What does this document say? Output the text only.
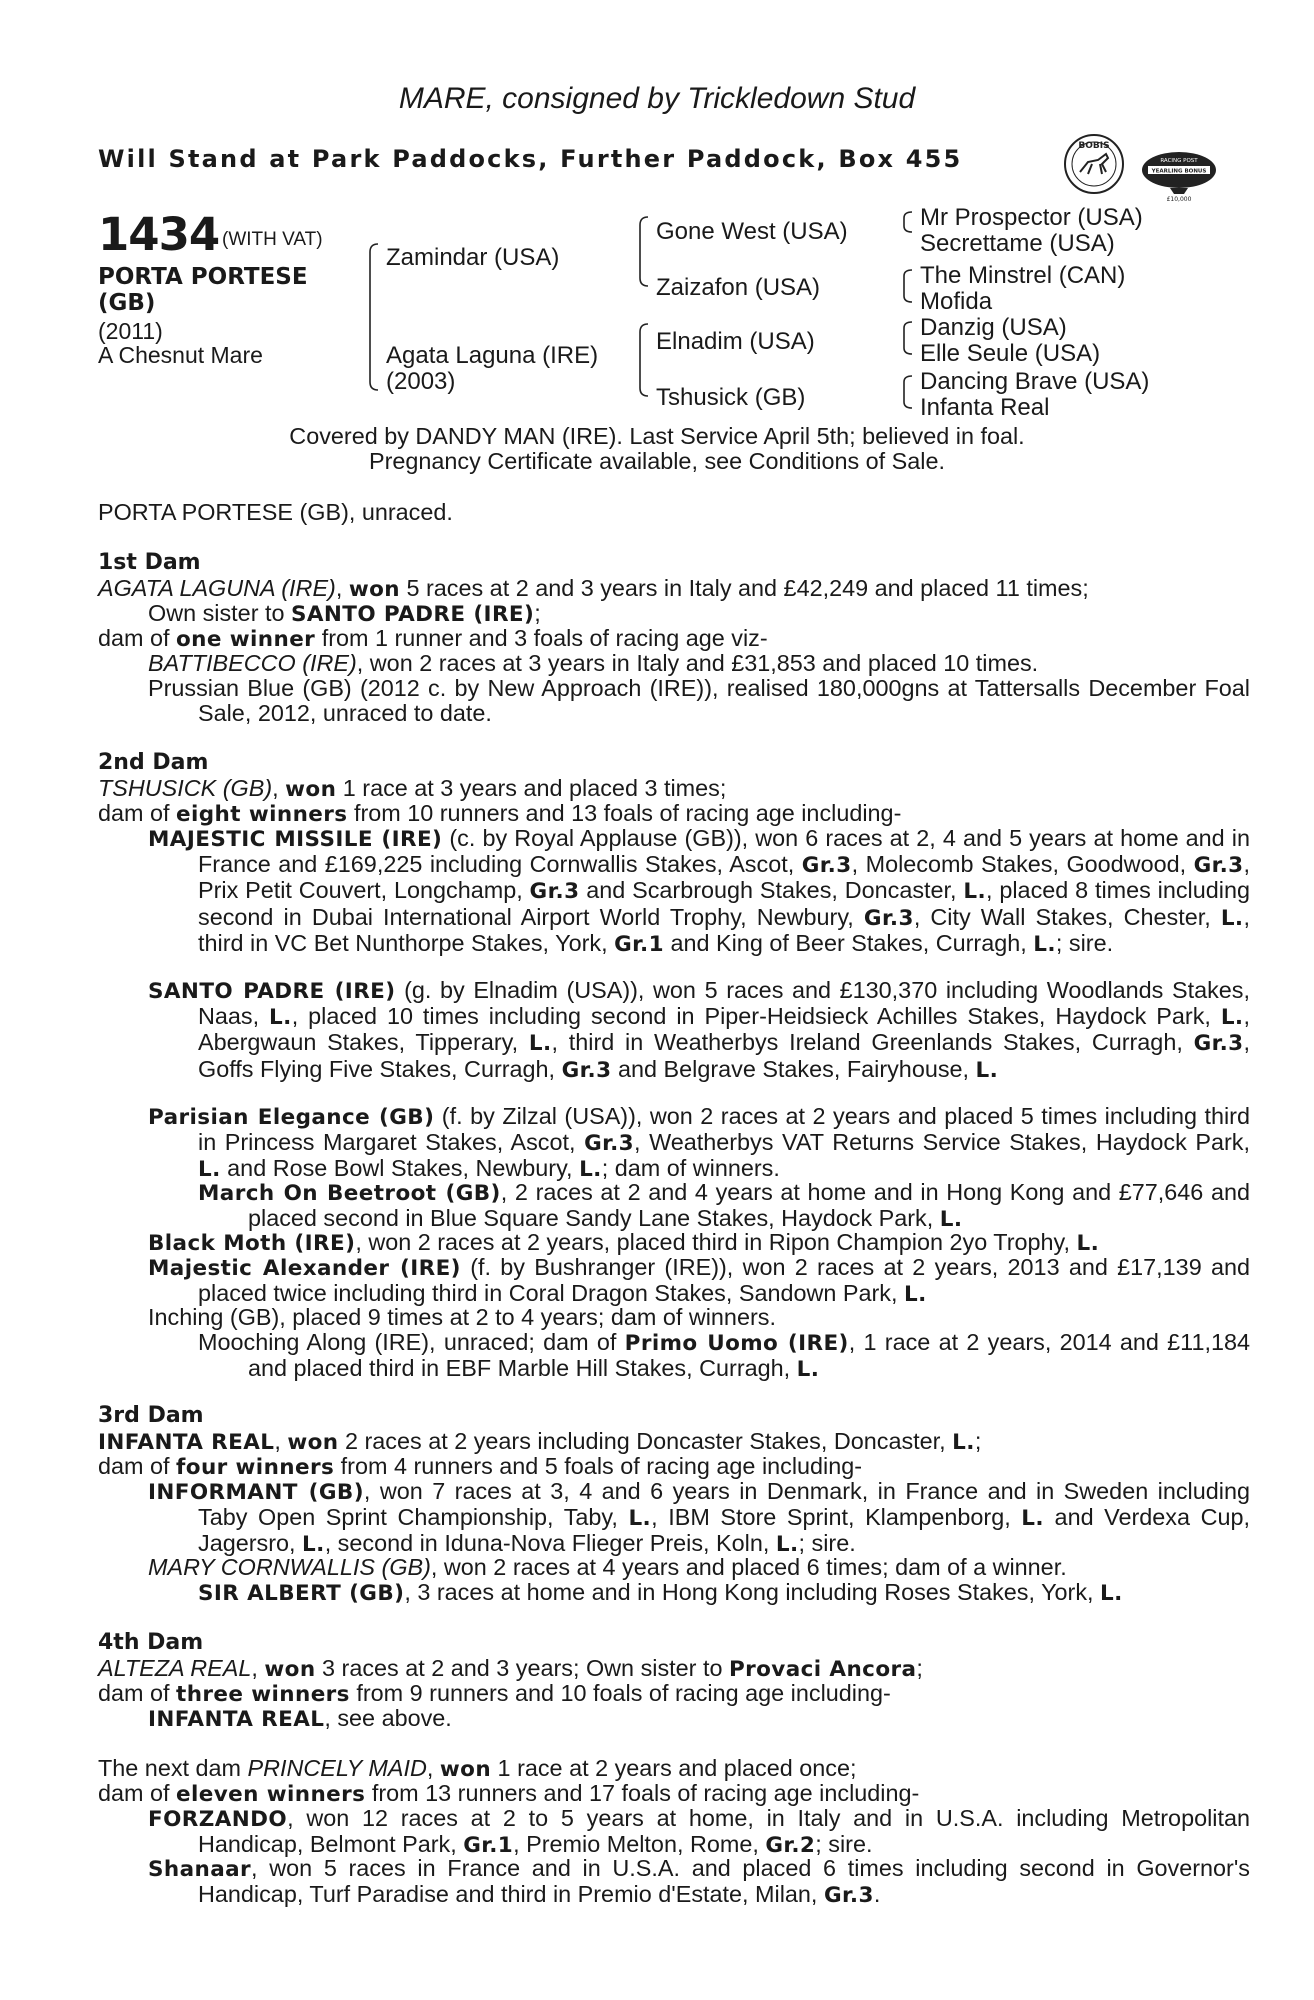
MARE, consigned by Trickledown Stud
Will Stand at Park Paddocks, Further Paddock, Box 455	BOBIS
RACING POST
YEARLING BONUS
£10,000
1434 (WITH VAT)
PORTA PORTESE
(GB)
(2011)
A Chesnut Mare
Zamindar (USA)
Agata Laguna (IRE)
(2003)
Gone West (USA)
Zaizafon (USA)
Elnadim (USA)
Tshusick (GB)
Mr Prospector (USA)
Secrettame (USA)
The Minstrel (CAN)
Mofida
Danzig (USA)
Elle Seule (USA)
Dancing Brave (USA)
Infanta Real
Covered by DANDY MAN (IRE). Last Service April 5th; believed in foal.
Pregnancy Certificate available, see Conditions of Sale.
PORTA PORTESE (GB), unraced.
1st Dam
AGATA LAGUNA (IRE), won 5 races at 2 and 3 years in Italy and £42,249 and placed 11 times;
Own sister to SANTO PADRE (IRE);
dam of one winner from 1 runner and 3 foals of racing age viz-
BATTIBECCO (IRE), won 2 races at 3 years in Italy and £31,853 and placed 10 times.
Prussian Blue (GB) (2012 c. by New Approach (IRE)), realised 180,000gns at Tattersalls December Foal Sale, 2012, unraced to date.
2nd Dam
TSHUSICK (GB), won 1 race at 3 years and placed 3 times;
dam of eight winners from 10 runners and 13 foals of racing age including-
MAJESTIC MISSILE (IRE) (c. by Royal Applause (GB)), won 6 races at 2, 4 and 5 years at home and in France and £169,225 including Cornwallis Stakes, Ascot, Gr.3, Molecomb Stakes, Goodwood, Gr.3, Prix Petit Couvert, Longchamp, Gr.3 and Scarbrough Stakes, Doncaster, L., placed 8 times including second in Dubai International Airport World Trophy, Newbury, Gr.3, City Wall Stakes, Chester, L., third in VC Bet Nunthorpe Stakes, York, Gr.1 and King of Beer Stakes, Curragh, L.; sire.
SANTO PADRE (IRE) (g. by Elnadim (USA)), won 5 races and £130,370 including Woodlands Stakes, Naas, L., placed 10 times including second in Piper-Heidsieck Achilles Stakes, Haydock Park, L., Abergwaun Stakes, Tipperary, L., third in Weatherbys Ireland Greenlands Stakes, Curragh, Gr.3, Goffs Flying Five Stakes, Curragh, Gr.3 and Belgrave Stakes, Fairyhouse, L.
Parisian Elegance (GB) (f. by Zilzal (USA)), won 2 races at 2 years and placed 5 times including third in Princess Margaret Stakes, Ascot, Gr.3, Weatherbys VAT Returns Service Stakes, Haydock Park, L. and Rose Bowl Stakes, Newbury, L.; dam of winners.
March On Beetroot (GB), 2 races at 2 and 4 years at home and in Hong Kong and £77,646 and placed second in Blue Square Sandy Lane Stakes, Haydock Park, L.
Black Moth (IRE), won 2 races at 2 years, placed third in Ripon Champion 2yo Trophy, L.
Majestic Alexander (IRE) (f. by Bushranger (IRE)), won 2 races at 2 years, 2013 and £17,139 and placed twice including third in Coral Dragon Stakes, Sandown Park, L.
Inching (GB), placed 9 times at 2 to 4 years; dam of winners.
Mooching Along (IRE), unraced; dam of Primo Uomo (IRE), 1 race at 2 years, 2014 and £11,184 and placed third in EBF Marble Hill Stakes, Curragh, L.
3rd Dam
INFANTA REAL, won 2 races at 2 years including Doncaster Stakes, Doncaster, L.;
dam of four winners from 4 runners and 5 foals of racing age including-
INFORMANT (GB), won 7 races at 3, 4 and 6 years in Denmark, in France and in Sweden including Taby Open Sprint Championship, Taby, L., IBM Store Sprint, Klampenborg, L. and Verdexa Cup, Jagersro, L., second in Iduna-Nova Flieger Preis, Koln, L.; sire.
MARY CORNWALLIS (GB), won 2 races at 4 years and placed 6 times; dam of a winner.
SIR ALBERT (GB), 3 races at home and in Hong Kong including Roses Stakes, York, L.
4th Dam
ALTEZA REAL, won 3 races at 2 and 3 years; Own sister to Provaci Ancora;
dam of three winners from 9 runners and 10 foals of racing age including-
INFANTA REAL, see above.
The next dam PRINCELY MAID, won 1 race at 2 years and placed once;
dam of eleven winners from 13 runners and 17 foals of racing age including-
FORZANDO, won 12 races at 2 to 5 years at home, in Italy and in U.S.A. including Metropolitan Handicap, Belmont Park, Gr.1, Premio Melton, Rome, Gr.2; sire.
Shanaar, won 5 races in France and in U.S.A. and placed 6 times including second in Governor's Handicap, Turf Paradise and third in Premio d'Estate, Milan, Gr.3.
